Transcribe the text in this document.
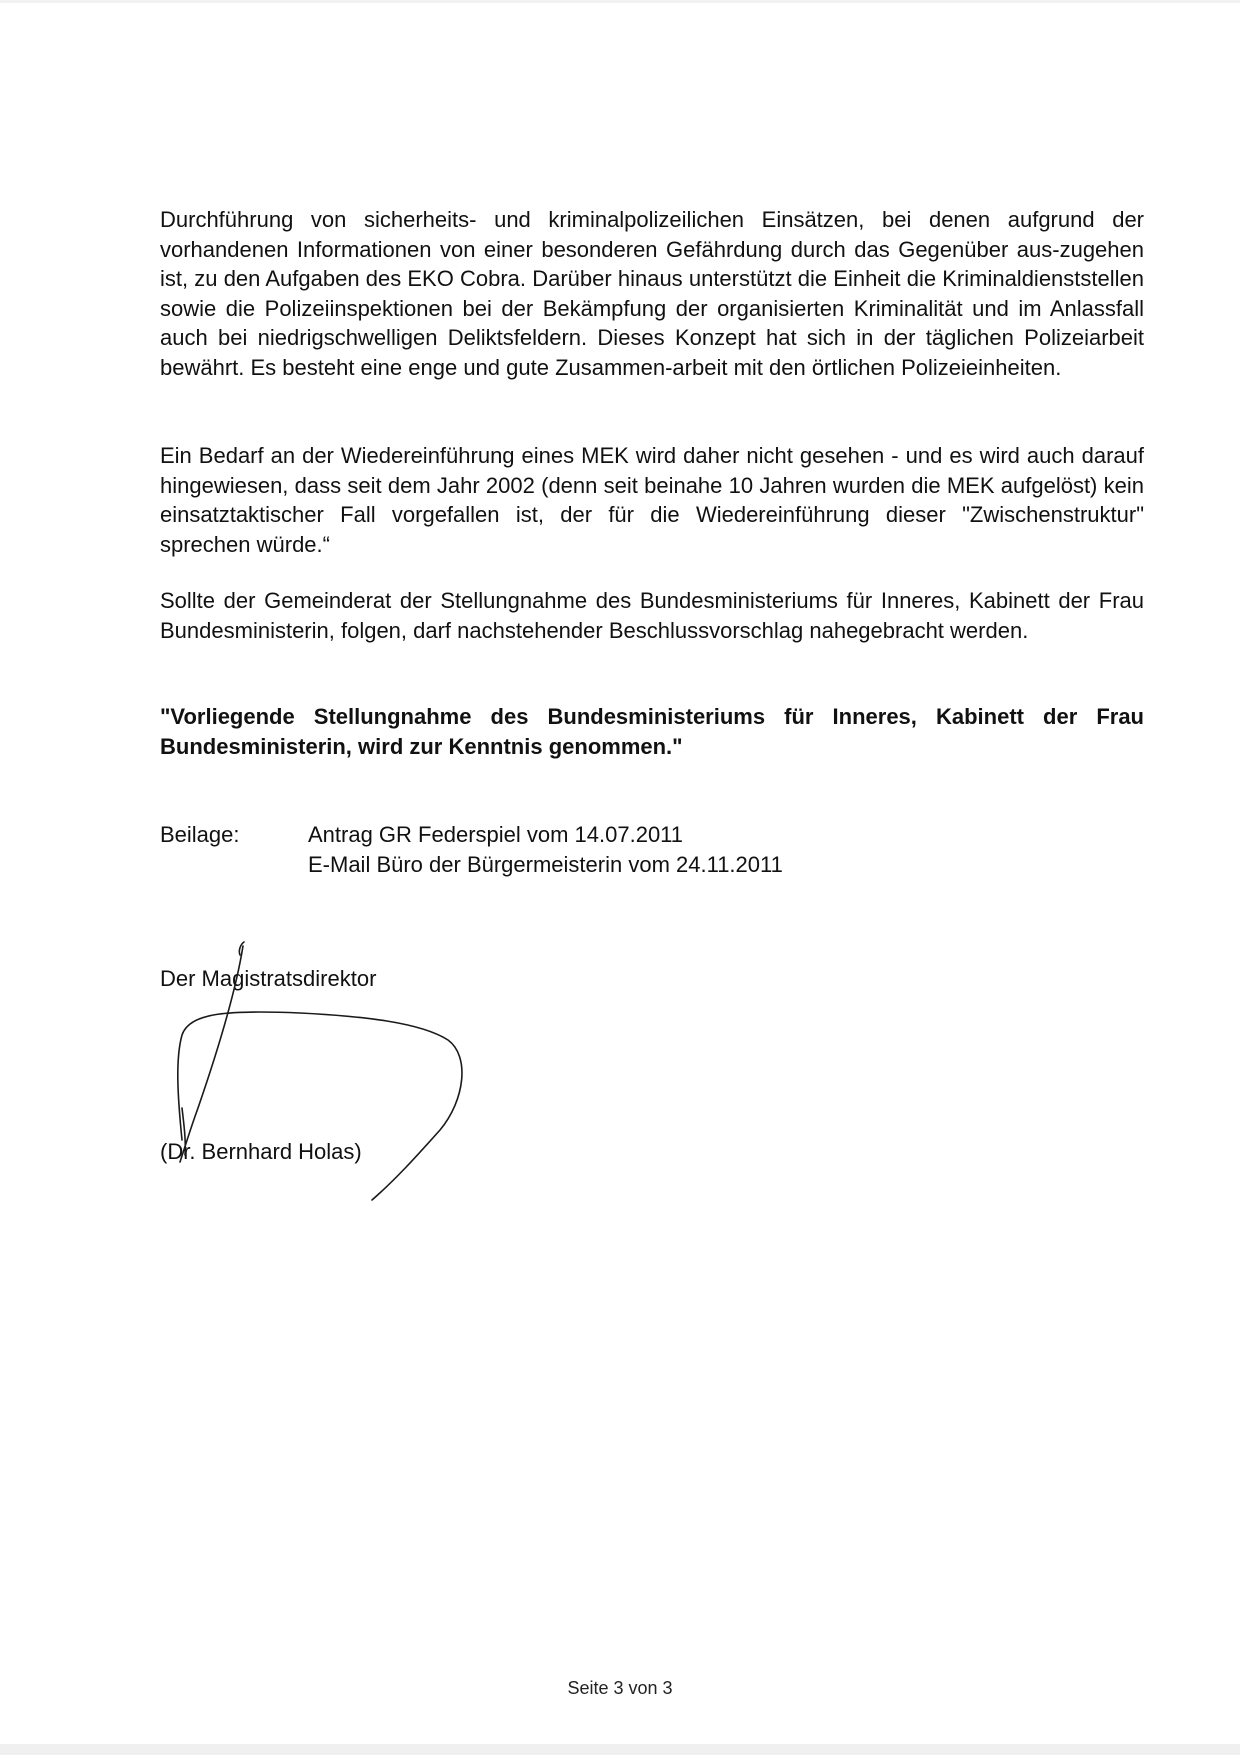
Durchführung von sicherheits- und kriminalpolizeilichen Einsätzen, bei denen aufgrund der vorhandenen Informationen von einer besonderen Gefährdung durch das Gegenüber aus-zugehen ist, zu den Aufgaben des EKO Cobra. Darüber hinaus unterstützt die Einheit die Kriminaldienststellen sowie die Polizeiinspektionen bei der Bekämpfung der organisierten Kriminalität und im Anlassfall auch bei niedrigschwelligen Deliktsfeldern. Dieses Konzept hat sich in der täglichen Polizeiarbeit bewährt. Es besteht eine enge und gute Zusammen-arbeit mit den örtlichen Polizeieinheiten.

Ein Bedarf an der Wiedereinführung eines MEK wird daher nicht gesehen - und es wird auch darauf hingewiesen, dass seit dem Jahr 2002 (denn seit beinahe 10 Jahren wurden die MEK aufgelöst) kein einsatztaktischer Fall vorgefallen ist, der für die Wiedereinführung dieser "Zwischenstruktur" sprechen würde.“

Sollte der Gemeinderat der Stellungnahme des Bundesministeriums für Inneres, Kabinett der Frau Bundesministerin, folgen, darf nachstehender Beschlussvorschlag nahegebracht werden.

"Vorliegende Stellungnahme des Bundesministeriums für Inneres, Kabinett der Frau Bundesministerin, wird zur Kenntnis genommen."

Beilage:	Antrag GR Federspiel vom 14.07.2011
E-Mail Büro der Bürgermeisterin vom 24.11.2011
Der Magistratsdirektor
(Dr. Bernhard Holas)
Seite 3 von 3
